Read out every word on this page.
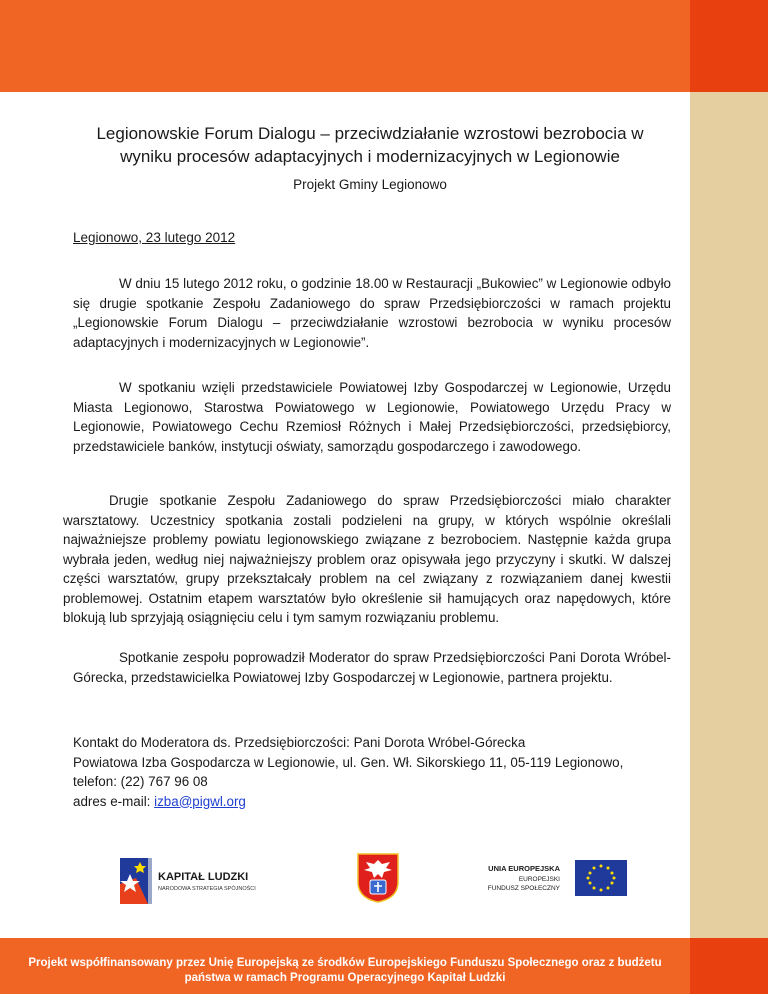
Legionowskie Forum Dialogu – przeciwdziałanie wzrostowi bezrobocia w wyniku procesów adaptacyjnych i modernizacyjnych w Legionowie
Projekt Gminy Legionowo
Legionowo, 23 lutego 2012

W dniu 15 lutego 2012 roku, o godzinie 18.00 w Restauracji „Bukowiec” w Legionowie odbyło się drugie spotkanie Zespołu Zadaniowego do spraw Przedsiębiorczości w ramach projektu „Legionowskie Forum Dialogu – przeciwdziałanie wzrostowi bezrobocia w wyniku procesów adaptacyjnych i modernizacyjnych w Legionowie”.

W spotkaniu wzięli przedstawiciele Powiatowej Izby Gospodarczej w Legionowie, Urzędu Miasta Legionowo, Starostwa Powiatowego w Legionowie, Powiatowego Urzędu Pracy w Legionowie, Powiatowego Cechu Rzemiosł Różnych i Małej Przedsiębiorczości, przedsiębiorcy, przedstawiciele banków, instytucji oświaty, samorządu gospodarczego i zawodowego.

Drugie spotkanie Zespołu Zadaniowego do spraw Przedsiębiorczości miało charakter warsztatowy. Uczestnicy spotkania zostali podzieleni na grupy, w których wspólnie określali najważniejsze problemy powiatu legionowskiego związane z bezrobociem. Następnie każda grupa wybrała jeden, według niej najważniejszy problem oraz opisywała jego przyczyny i skutki. W dalszej części warsztatów, grupy przekształcały problem na cel związany z rozwiązaniem danej kwestii problemowej. Ostatnim etapem warsztatów było określenie sił hamujących oraz napędowych, które blokują lub sprzyjają osiągnięciu celu i tym samym rozwiązaniu problemu.

Spotkanie zespołu poprowadził Moderator do spraw Przedsiębiorczości Pani Dorota Wróbel-Górecka, przedstawicielka Powiatowej Izby Gospodarczej w Legionowie, partnera projektu.

Kontakt do Moderatora ds. Przedsiębiorczości: Pani Dorota Wróbel-Górecka
Powiatowa Izba Gospodarcza w Legionowie, ul. Gen. Wł. Sikorskiego 11, 05-119 Legionowo,
telefon: (22) 767 96 08
adres e-mail: izba@pigwl.org
KAPITAŁ LUDZKI
NARODOWA STRATEGIA SPÓJNOŚCI
UNIA EUROPEJSKA
EUROPEJSKI
FUNDUSZ SPOŁECZNY
Projekt współfinansowany przez Unię Europejską ze środków Europejskiego Funduszu Społecznego oraz z budżetu państwa w ramach Programu Operacyjnego Kapitał Ludzki
